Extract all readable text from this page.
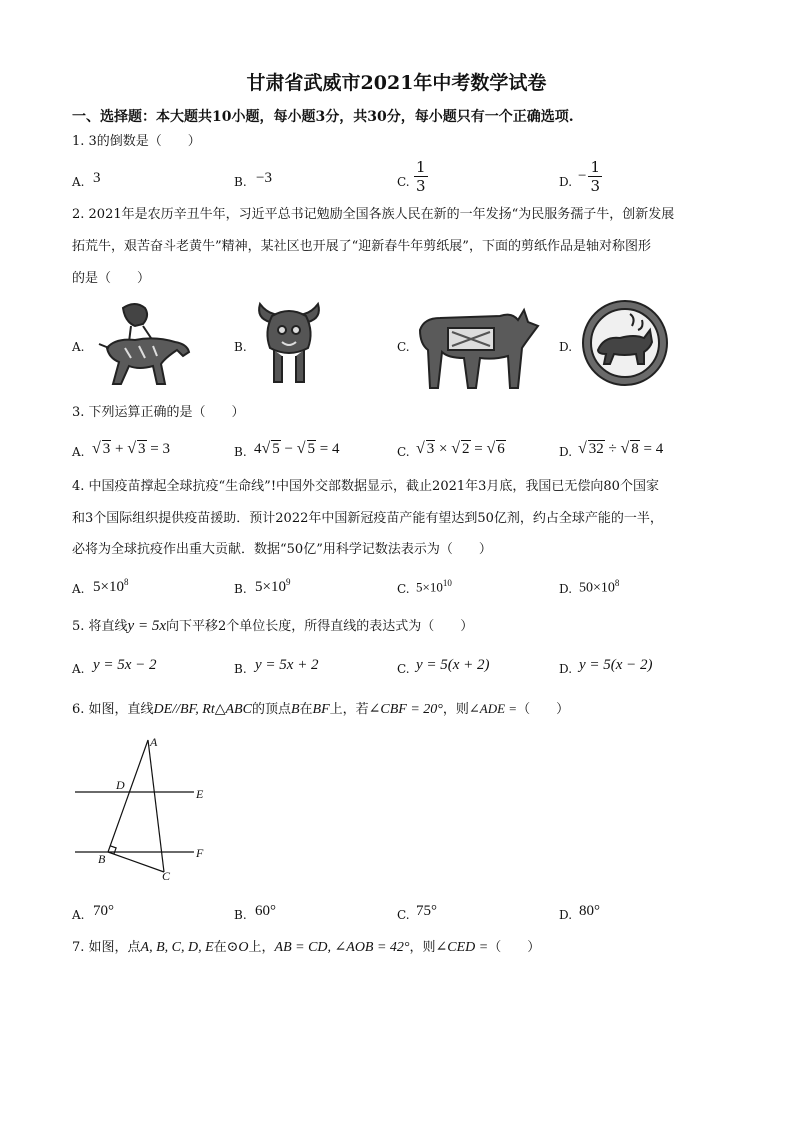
甘肃省武威市2021年中考数学试卷
一、选择题：本大题共10小题，每小题3分，共30分，每小题只有一个正确选项.
1. 3的倒数是（　　）
A. 3	B. −3	C. $\frac{1}{3}$	D. − $\frac{1}{3}$
2. 2021年是农历辛丑牛年，习近平总书记勉励全国各族人民在新的一年发扬“为民服务孺子牛，创新发展
拓荒牛，艰苦奋斗老黄牛”精神，某社区也开展了“迎新春牛年剪纸展”，下面的剪纸作品是轴对称图形
的是（　　）
A.	B.	C.	D.
3. 下列运算正确的是（　　）
A. √ 3 + √ 3 = 3	B. 4√ 5 − √ 5 = 4	C. √ 3 × √ 2 = √ 6	D. √ 32 ÷ √ 8 = 4
4. 中国疫苗撑起全球抗疫“生命线”!中国外交部数据显示，截止2021年3月底，我国已无偿向80个国家
和3个国际组织提供疫苗援助．预计2022年中国新冠疫苗产能有望达到50亿剂，约占全球产能的一半，
必将为全球抗疫作出重大贡献．数据“50亿”用科学记数法表示为（　　）
A. $5\times 10^8$	B. $5\times 10^9$	C. $5\times 10^{10}$	D. $50\times 10^8$
5. 将直线y = 5x向下平移2个单位长度，所得直线的表达式为（　　）
A. y = 5x − 2	B. y = 5x + 2	C. y = 5(x + 2)	D. y = 5(x − 2)
6. 如图，直线DE//BF, Rt△ABC的顶点B在BF上，若∠CBF = 20°，则∠ADE =（　　）
A
D
E
B	F
C
A. 70°	B. 60°	C. 75°	D. 80°
7. 如图，点A, B, C, D, E在⊙O上，AB = CD, ∠AOB = 42°，则∠CED =（　　）
